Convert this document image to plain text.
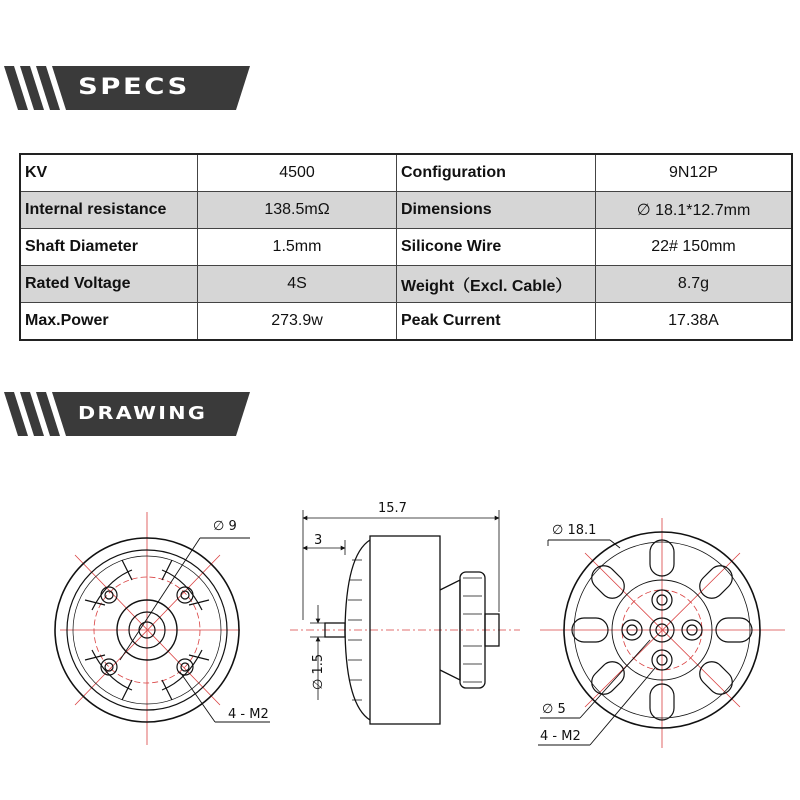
SPECS
KV	4500	Configuration	9N12P
Internal resistance	138.5mΩ	Dimensions	∅ 18.1*12.7mm
Shaft Diameter	1.5mm	Silicone Wire	22# 150mm
Rated Voltage	4S	Weight（Excl. Cable）	8.7g
Max.Power	273.9w	Peak Current	17.38A
DRAWING
∅ 9
4 - M2
15.7
3
∅ 1.5
∅ 18.1
∅ 5
4 - M2
